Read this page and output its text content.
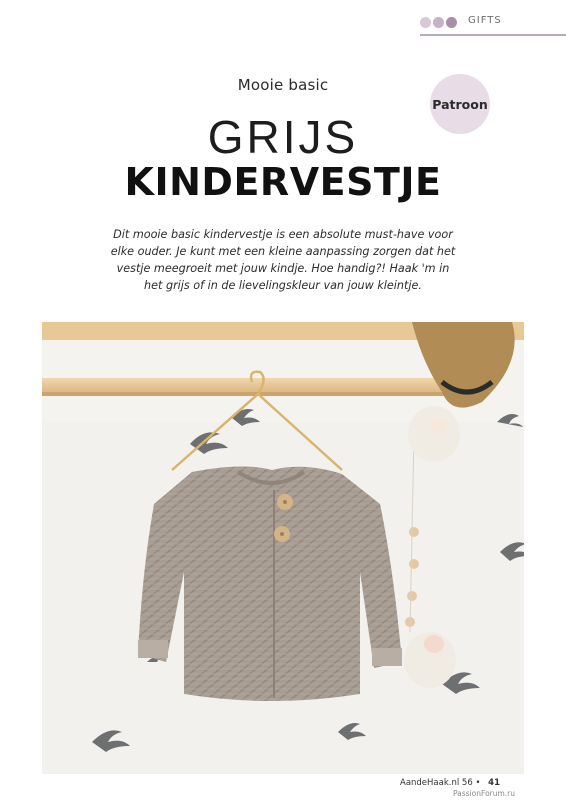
GIFTS
Mooie basic
Patroon
GRIJS
KINDERVESTJE
Dit mooie basic kindervestje is een absolute must-have voor elke ouder. Je kunt met een kleine aanpassing zorgen dat het vestje meegroeit met jouw kindje. Hoe handig?! Haak 'm in het grijs of in de lievelingskleur van jouw kleintje.
AandeHaak.nl 56 • 41
PassionForum.ru
